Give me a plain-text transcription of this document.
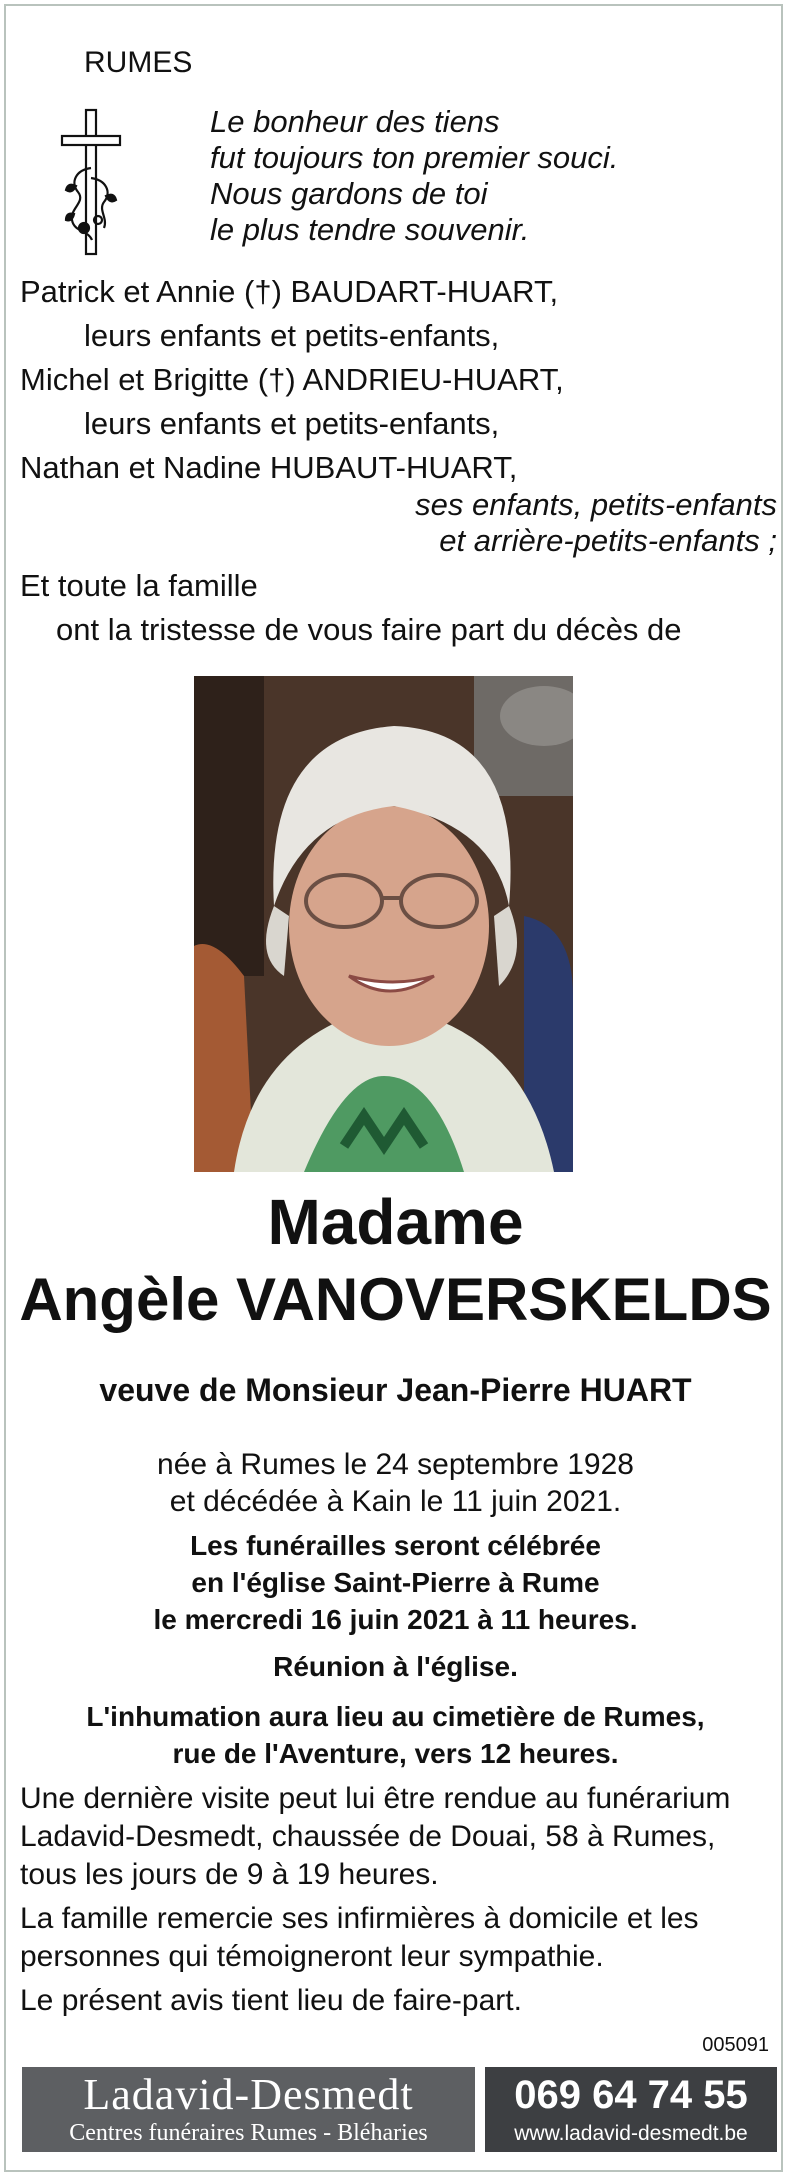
RUMES
Le bonheur des tiens
fut toujours ton premier souci.
Nous gardons de toi
le plus tendre souvenir.
Patrick et Annie (†) BAUDART-HUART,
leurs enfants et petits-enfants,
Michel et Brigitte (†) ANDRIEU-HUART,
leurs enfants et petits-enfants,
Nathan et Nadine HUBAUT-HUART,
ses enfants, petits-enfants
et arrière-petits-enfants ;
Et toute la famille
ont la tristesse de vous faire part du décès de
Madame
Angèle VANOVERSKELDS
veuve de Monsieur Jean-Pierre HUART
née à Rumes le 24 septembre 1928
et décédée à Kain le 11 juin 2021.
Les funérailles seront célébrée
en l'église Saint-Pierre à Rume
le mercredi 16 juin 2021 à 11 heures.
Réunion à l'église.
L'inhumation aura lieu au cimetière de Rumes,
rue de l'Aventure, vers 12 heures.
Une dernière visite peut lui être rendue au funérarium Ladavid-Desmedt, chaussée de Douai, 58 à Rumes, tous les jours de 9 à 19 heures.
La famille remercie ses infirmières à domicile et les personnes qui témoigneront leur sympathie.
Le présent avis tient lieu de faire-part.
005091
Ladavid-Desmedt
Centres funéraires Rumes - Bléharies
069 64 74 55
www.ladavid-desmedt.be
